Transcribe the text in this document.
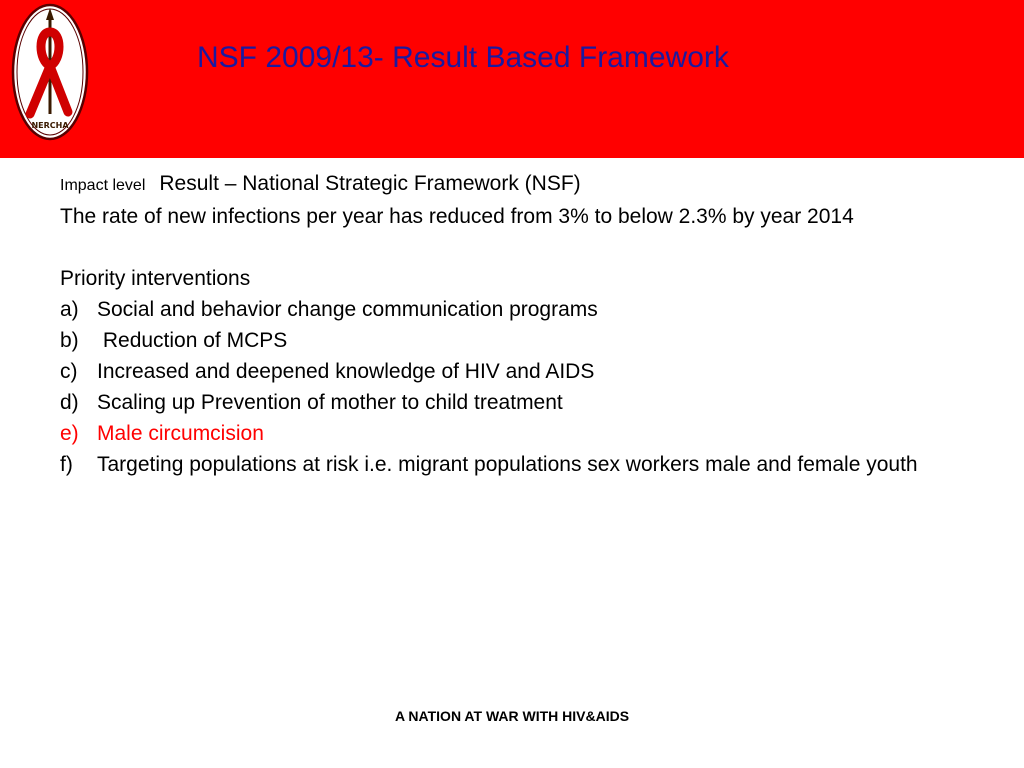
NERCHA
NSF 2009/13- Result Based Framework

Impact level Result – National Strategic Framework (NSF)

The rate of new infections per year has reduced from 3% to below 2.3% by year 2014

Priority interventions

a) Social and behavior change communication programs
b) Reduction of MCPS
c) Increased and deepened knowledge of HIV and AIDS
d) Scaling up Prevention of mother to child treatment
e) Male circumcision
f) Targeting populations at risk i.e. migrant populations sex workers male and female youth
A NATION AT WAR WITH HIV&AIDS
